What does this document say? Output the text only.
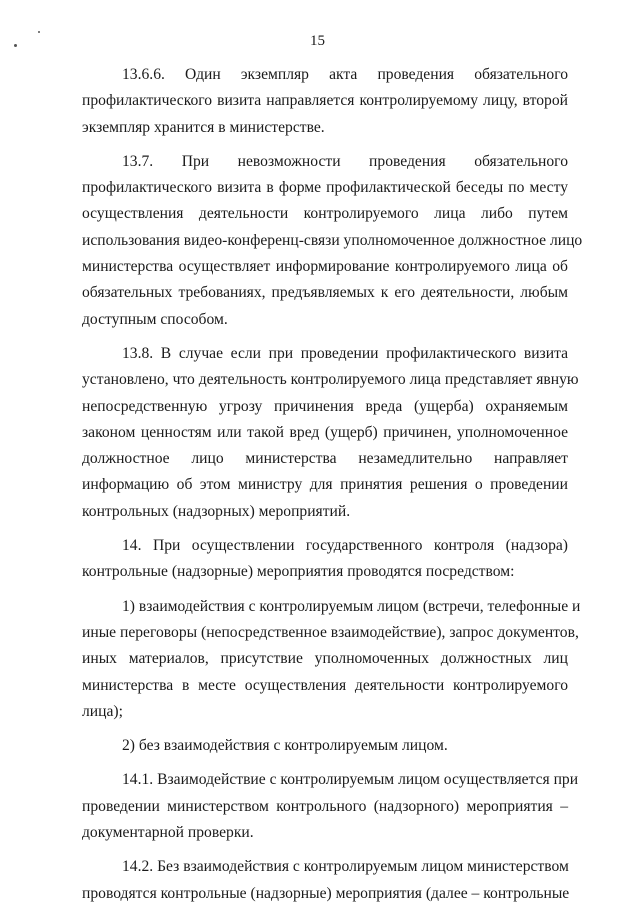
15
13.6.6. Один экземпляр акта проведения обязательного
профилактического визита направляется контролируемому лицу, второй
экземпляр хранится в министерстве.
13.7. При невозможности проведения обязательного
профилактического визита в форме профилактической беседы по месту
осуществления деятельности контролируемого лица либо путем
использования видео-конференц-связи уполномоченное должностное лицо
министерства осуществляет информирование контролируемого лица об
обязательных требованиях, предъявляемых к его деятельности, любым
доступным способом.
13.8. В случае если при проведении профилактического визита
установлено, что деятельность контролируемого лица представляет явную
непосредственную угрозу причинения вреда (ущерба) охраняемым
законом ценностям или такой вред (ущерб) причинен, уполномоченное
должностное лицо министерства незамедлительно направляет
информацию об этом министру для принятия решения о проведении
контрольных (надзорных) мероприятий.
14. При осуществлении государственного контроля (надзора)
контрольные (надзорные) мероприятия проводятся посредством:
1) взаимодействия с контролируемым лицом (встречи, телефонные и
иные переговоры (непосредственное взаимодействие), запрос документов,
иных материалов, присутствие уполномоченных должностных лиц
министерства в месте осуществления деятельности контролируемого
лица);
2) без взаимодействия с контролируемым лицом.
14.1. Взаимодействие с контролируемым лицом осуществляется при
проведении министерством контрольного (надзорного) мероприятия –
документарной проверки.
14.2. Без взаимодействия с контролируемым лицом министерством
проводятся контрольные (надзорные) мероприятия (далее – контрольные
